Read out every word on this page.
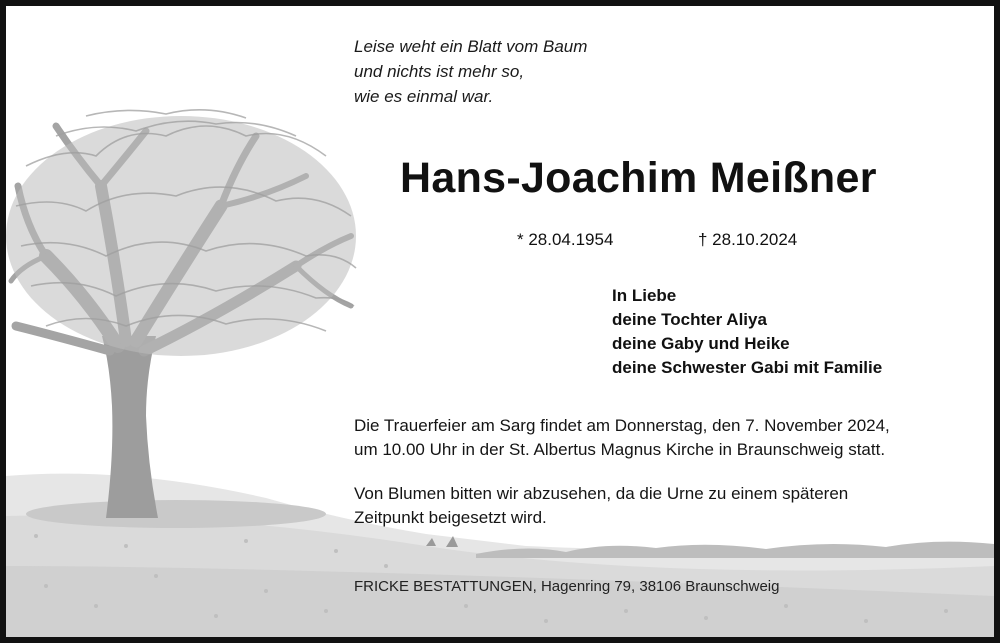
Leise weht ein Blatt vom Baum
und nichts ist mehr so,
wie es einmal war.
Hans-Joachim Meißner
* 28.04.1954	† 28.10.2024
In Liebe
deine Tochter Aliya
deine Gaby und Heike
deine Schwester Gabi mit Familie
Die Trauerfeier am Sarg findet am Donnerstag, den 7. November 2024,
um 10.00 Uhr in der St. Albertus Magnus Kirche in Braunschweig statt.
Von Blumen bitten wir abzusehen, da die Urne zu einem späteren
Zeitpunkt beigesetzt wird.
FRICKE BESTATTUNGEN, Hagenring 79, 38106 Braunschweig
